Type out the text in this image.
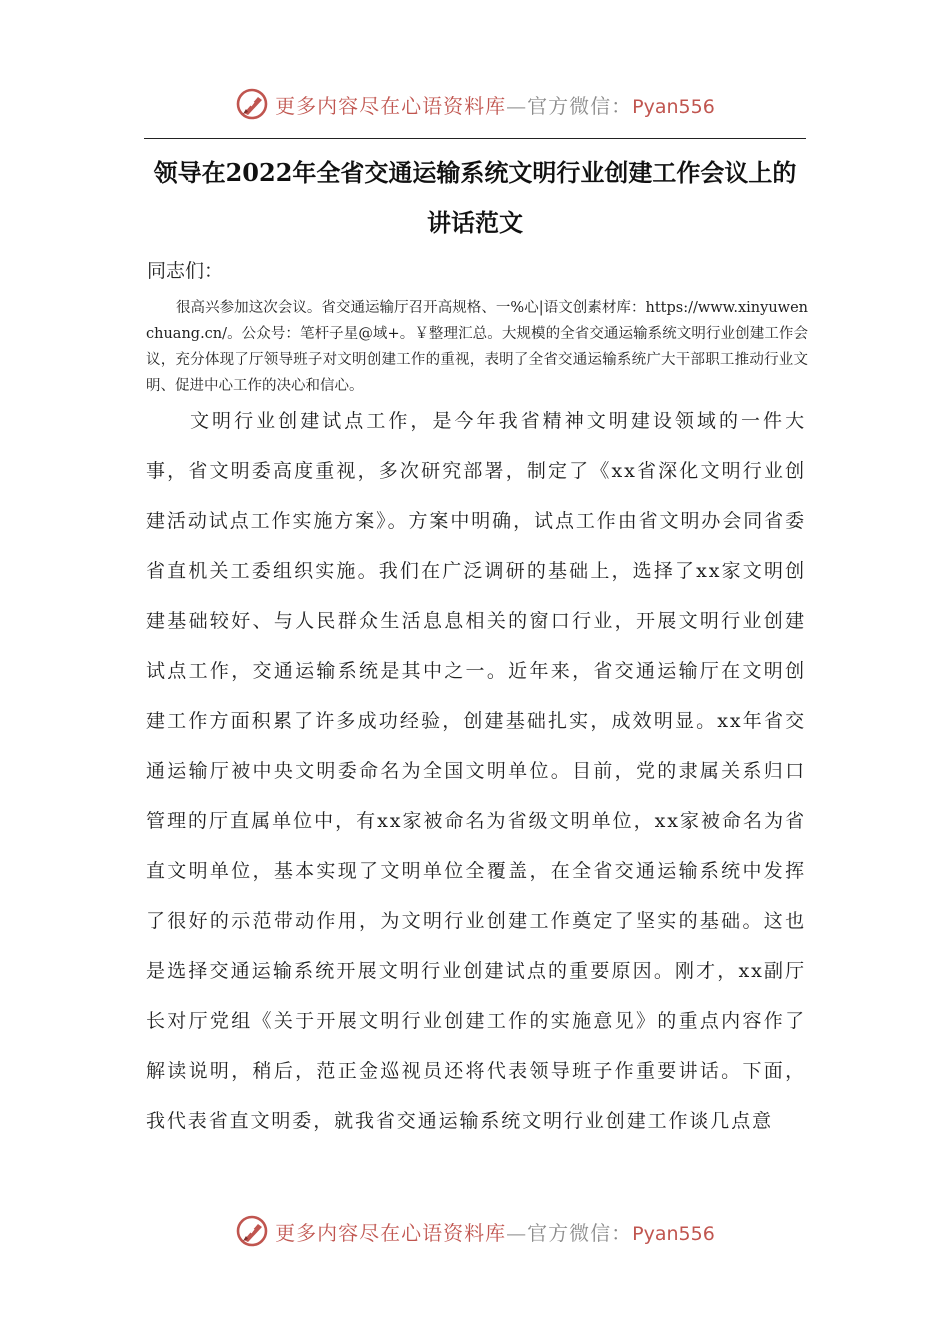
更多内容尽在心语资料库—官方微信：Pyan556
领导在2022年全省交通运输系统文明行业创建工作会议上的讲话范文
同志们：

很高兴参加这次会议。省交通运输厅召开高规格、一%心|语文创素材库：https://www.xinyuwenchuang.cn/。公众号：笔杆子星@域+。￥整理汇总。大规模的全省交通运输系统文明行业创建工作会议，充分体现了厅领导班子对文明创建工作的重视，表明了全省交通运输系统广大干部职工推动行业文明、促进中心工作的决心和信心。

文明行业创建试点工作，是今年我省精神文明建设领域的一件大事，省文明委高度重视，多次研究部署，制定了《xx省深化文明行业创建活动试点工作实施方案》。方案中明确，试点工作由省文明办会同省委省直机关工委组织实施。我们在广泛调研的基础上，选择了xx家文明创建基础较好、与人民群众生活息息相关的窗口行业，开展文明行业创建试点工作，交通运输系统是其中之一。近年来，省交通运输厅在文明创建工作方面积累了许多成功经验，创建基础扎实，成效明显。xx年省交通运输厅被中央文明委命名为全国文明单位。目前，党的隶属关系归口管理的厅直属单位中，有xx家被命名为省级文明单位，xx家被命名为省直文明单位，基本实现了文明单位全覆盖，在全省交通运输系统中发挥了很好的示范带动作用，为文明行业创建工作奠定了坚实的基础。这也是选择交通运输系统开展文明行业创建试点的重要原因。刚才，xx副厅长对厅党组《关于开展文明行业创建工作的实施意见》的重点内容作了解读说明，稍后，范正金巡视员还将代表领导班子作重要讲话。下面，我代表省直文明委，就我省交通运输系统文明行业创建工作谈几点意

更多内容尽在心语资料库—官方微信：Pyan556
